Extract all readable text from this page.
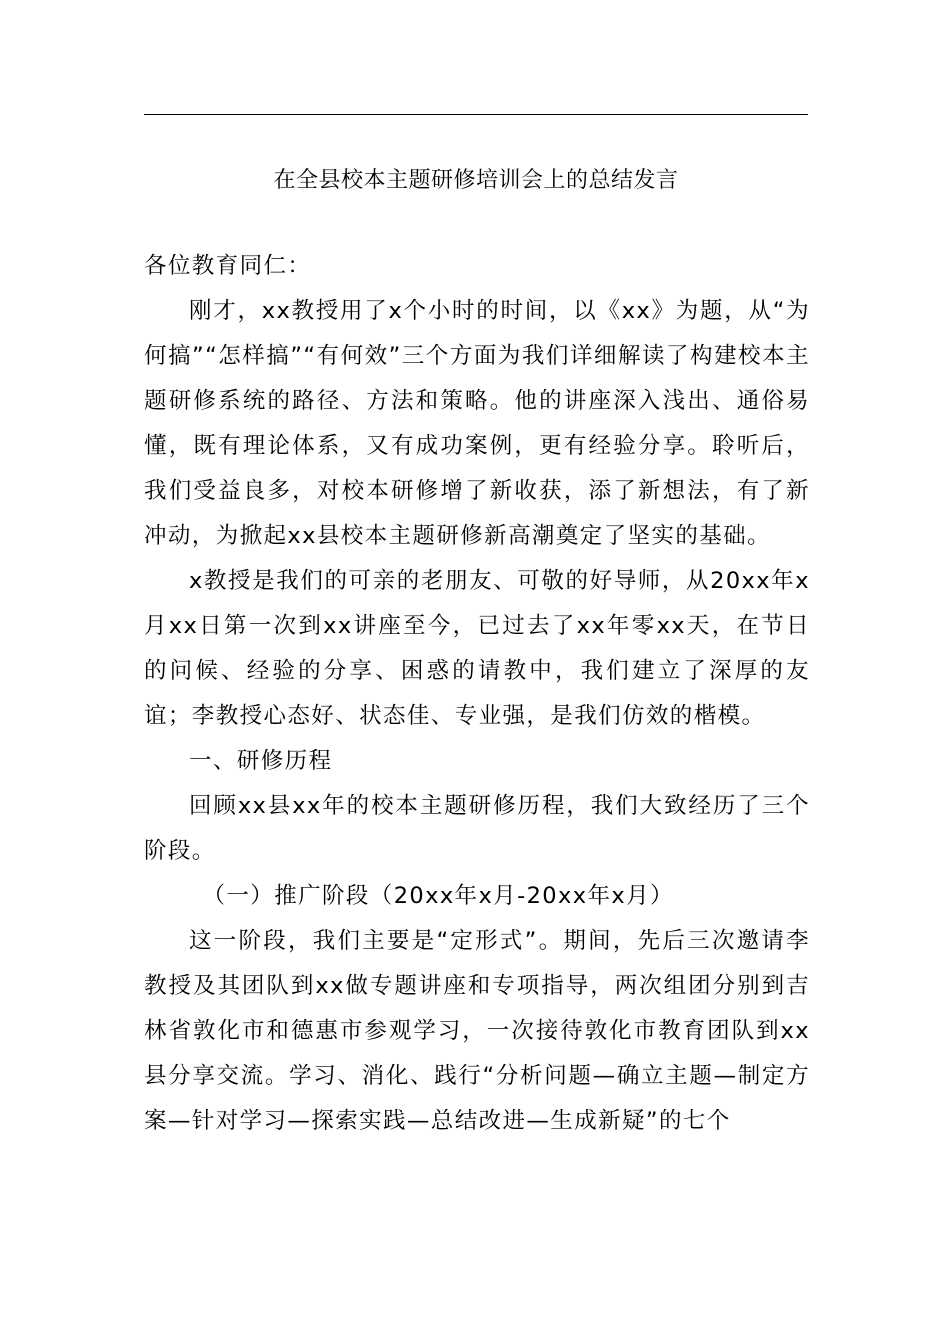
在全县校本主题研修培训会上的总结发言

各位教育同仁：

刚才，xx教授用了x个小时的时间，以《xx》为题，从“为何搞”“怎样搞”“有何效”三个方面为我们详细解读了构建校本主题研修系统的路径、方法和策略。他的讲座深入浅出、通俗易懂，既有理论体系，又有成功案例，更有经验分享。聆听后，我们受益良多，对校本研修增了新收获，添了新想法，有了新冲动，为掀起xx县校本主题研修新高潮奠定了坚实的基础。

x教授是我们的可亲的老朋友、可敬的好导师，从20xx年x月xx日第一次到xx讲座至今，已过去了xx年零xx天，在节日的问候、经验的分享、困惑的请教中，我们建立了深厚的友谊；李教授心态好、状态佳、专业强，是我们仿效的楷模。

一、研修历程

回顾xx县xx年的校本主题研修历程，我们大致经历了三个阶段。

（一）推广阶段（20xx年x月-20xx年x月）

这一阶段，我们主要是“定形式”。期间，先后三次邀请李教授及其团队到xx做专题讲座和专项指导，两次组团分别到吉林省敦化市和德惠市参观学习，一次接待敦化市教育团队到xx县分享交流。学习、消化、践行“分析问题—确立主题—制定方案—针对学习—探索实践—总结改进—生成新疑”的七个
